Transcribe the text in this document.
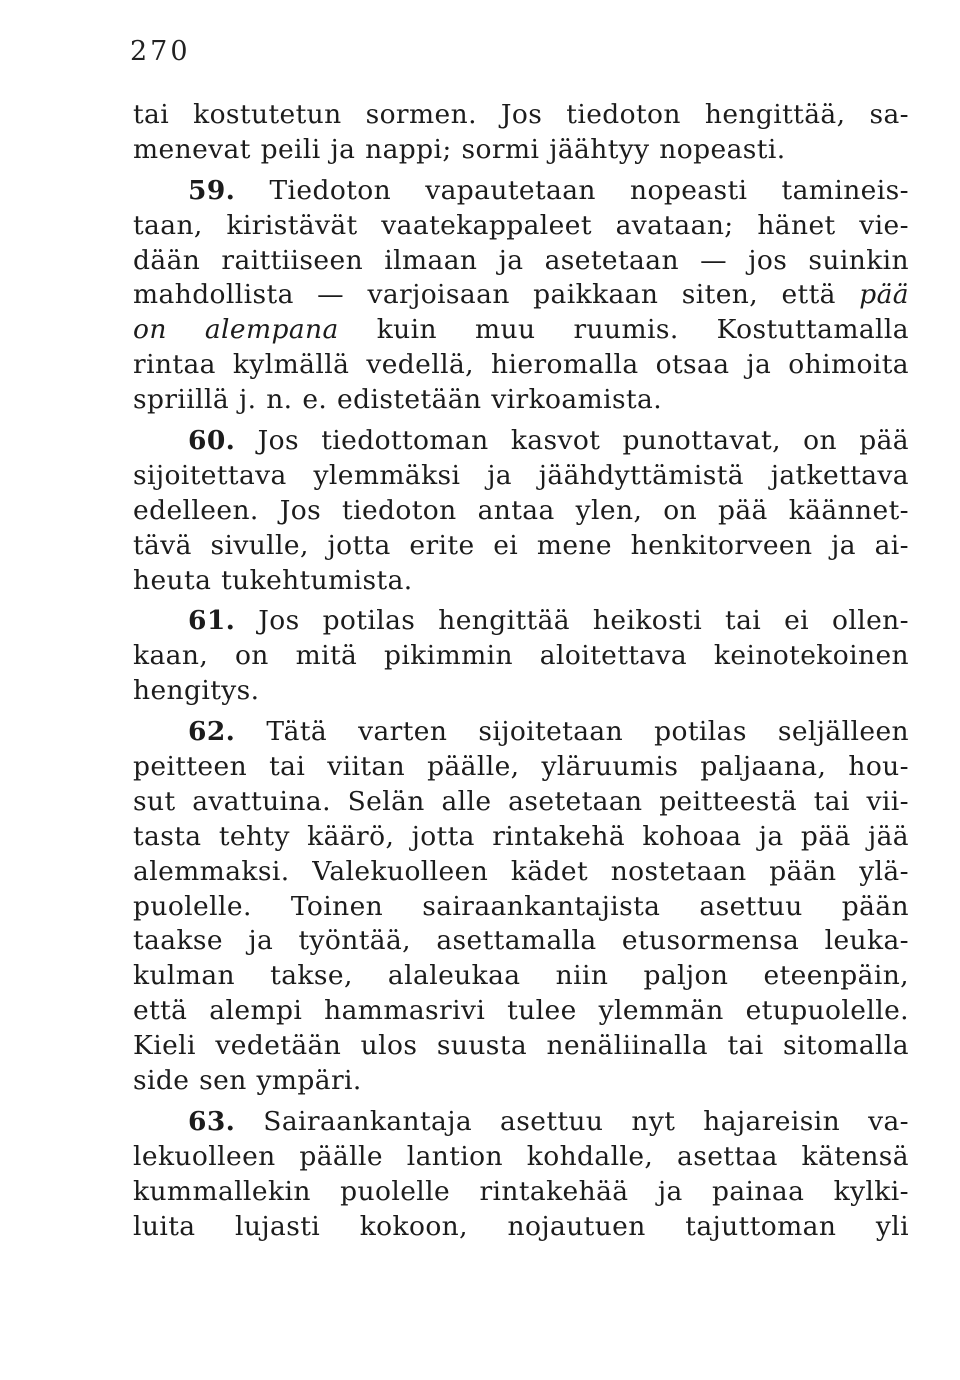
270
tai kostutetun sormen. Jos tiedoton hengittää, sa-
menevat peili ja nappi; sormi jäähtyy nopeasti.
59. Tiedoton vapautetaan nopeasti tamineis-
taan, kiristävät vaatekappaleet avataan; hänet vie-
dään raittiiseen ilmaan ja asetetaan — jos suinkin
mahdollista — varjoisaan paikkaan siten, että pää
on alempana kuin muu ruumis. Kostuttamalla
rintaa kylmällä vedellä, hieromalla otsaa ja ohimoita
spriillä j. n. e. edistetään virkoamista.
60. Jos tiedottoman kasvot punottavat, on pää
sijoitettava ylemmäksi ja jäähdyttämistä jatkettava
edelleen. Jos tiedoton antaa ylen, on pää käännet-
tävä sivulle, jotta erite ei mene henkitorveen ja ai-
heuta tukehtumista.
61. Jos potilas hengittää heikosti tai ei ollen-
kaan, on mitä pikimmin aloitettava keinotekoinen
hengitys.
62. Tätä varten sijoitetaan potilas seljälleen
peitteen tai viitan päälle, yläruumis paljaana, hou-
sut avattuina. Selän alle asetetaan peitteestä tai vii-
tasta tehty käärö, jotta rintakehä kohoaa ja pää jää
alemmaksi. Valekuolleen kädet nostetaan pään ylä-
puolelle. Toinen sairaankantajista asettuu pään
taakse ja työntää, asettamalla etusormensa leuka-
kulman takse, alaleukaa niin paljon eteenpäin,
että alempi hammasrivi tulee ylemmän etupuolelle.
Kieli vedetään ulos suusta nenäliinalla tai sitomalla
side sen ympäri.
63. Sairaankantaja asettuu nyt hajareisin va-
lekuolleen päälle lantion kohdalle, asettaa kätensä
kummallekin puolelle rintakehää ja painaa kylki-
luita lujasti kokoon, nojautuen tajuttoman yli
